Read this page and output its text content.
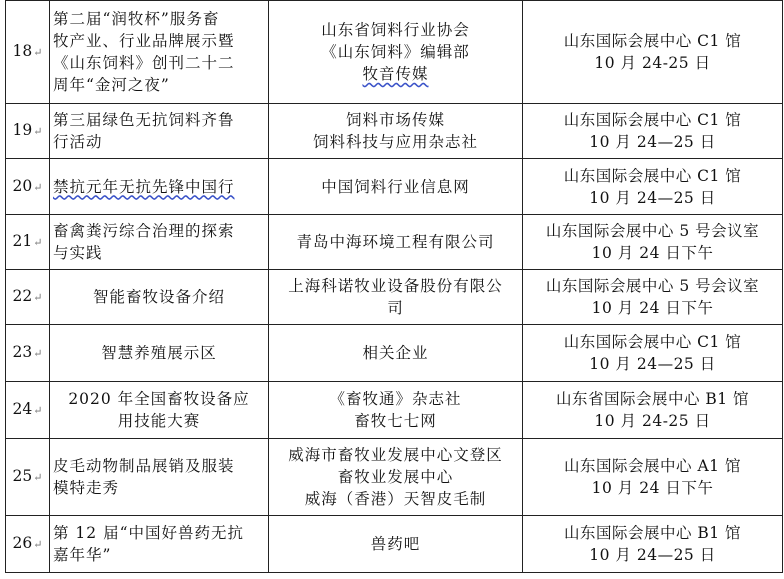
18↵	第二届“润牧杯”服务畜
牧产业、行业品牌展示暨
《山东饲料》创刊二十二
周年“金河之夜”	山东省饲料行业协会
《山东饲料》编辑部
牧音传媒	山东国际会展中心 C1 馆
10 月 24-25 日

19↵	第三届绿色无抗饲料齐鲁
行活动	饲料市场传媒
饲料科技与应用杂志社	山东国际会展中心 C1 馆
10 月 24—25 日

20↵	禁抗元年无抗先锋中国行	中国饲料行业信息网	山东国际会展中心 C1 馆
10 月 24—25 日

21↵	畜禽粪污综合治理的探索
与实践	青岛中海环境工程有限公司	山东国际会展中心 5 号会议室
10 月 24 日下午

22↵	智能畜牧设备介绍	上海科诺牧业设备股份有限公
司	山东国际会展中心 5 号会议室
10 月 24 日下午

23↵	智慧养殖展示区	相关企业	山东国际会展中心 C1 馆
10 月 24—25 日

24↵	2020 年全国畜牧设备应
用技能大赛	《畜牧通》杂志社
畜牧七七网	山东省国际会展中心 B1 馆
10 月 24-25 日

25↵	皮毛动物制品展销及服装
模特走秀	威海市畜牧业发展中心文登区
畜牧业发展中心
威海（香港）天智皮毛制	山东国际会展中心 A1 馆
10 月 24 日下午

26↵	第 12 届“中国好兽药无抗
嘉年华”	兽药吧	山东国际会展中心 B1 馆
10 月 24—25 日
